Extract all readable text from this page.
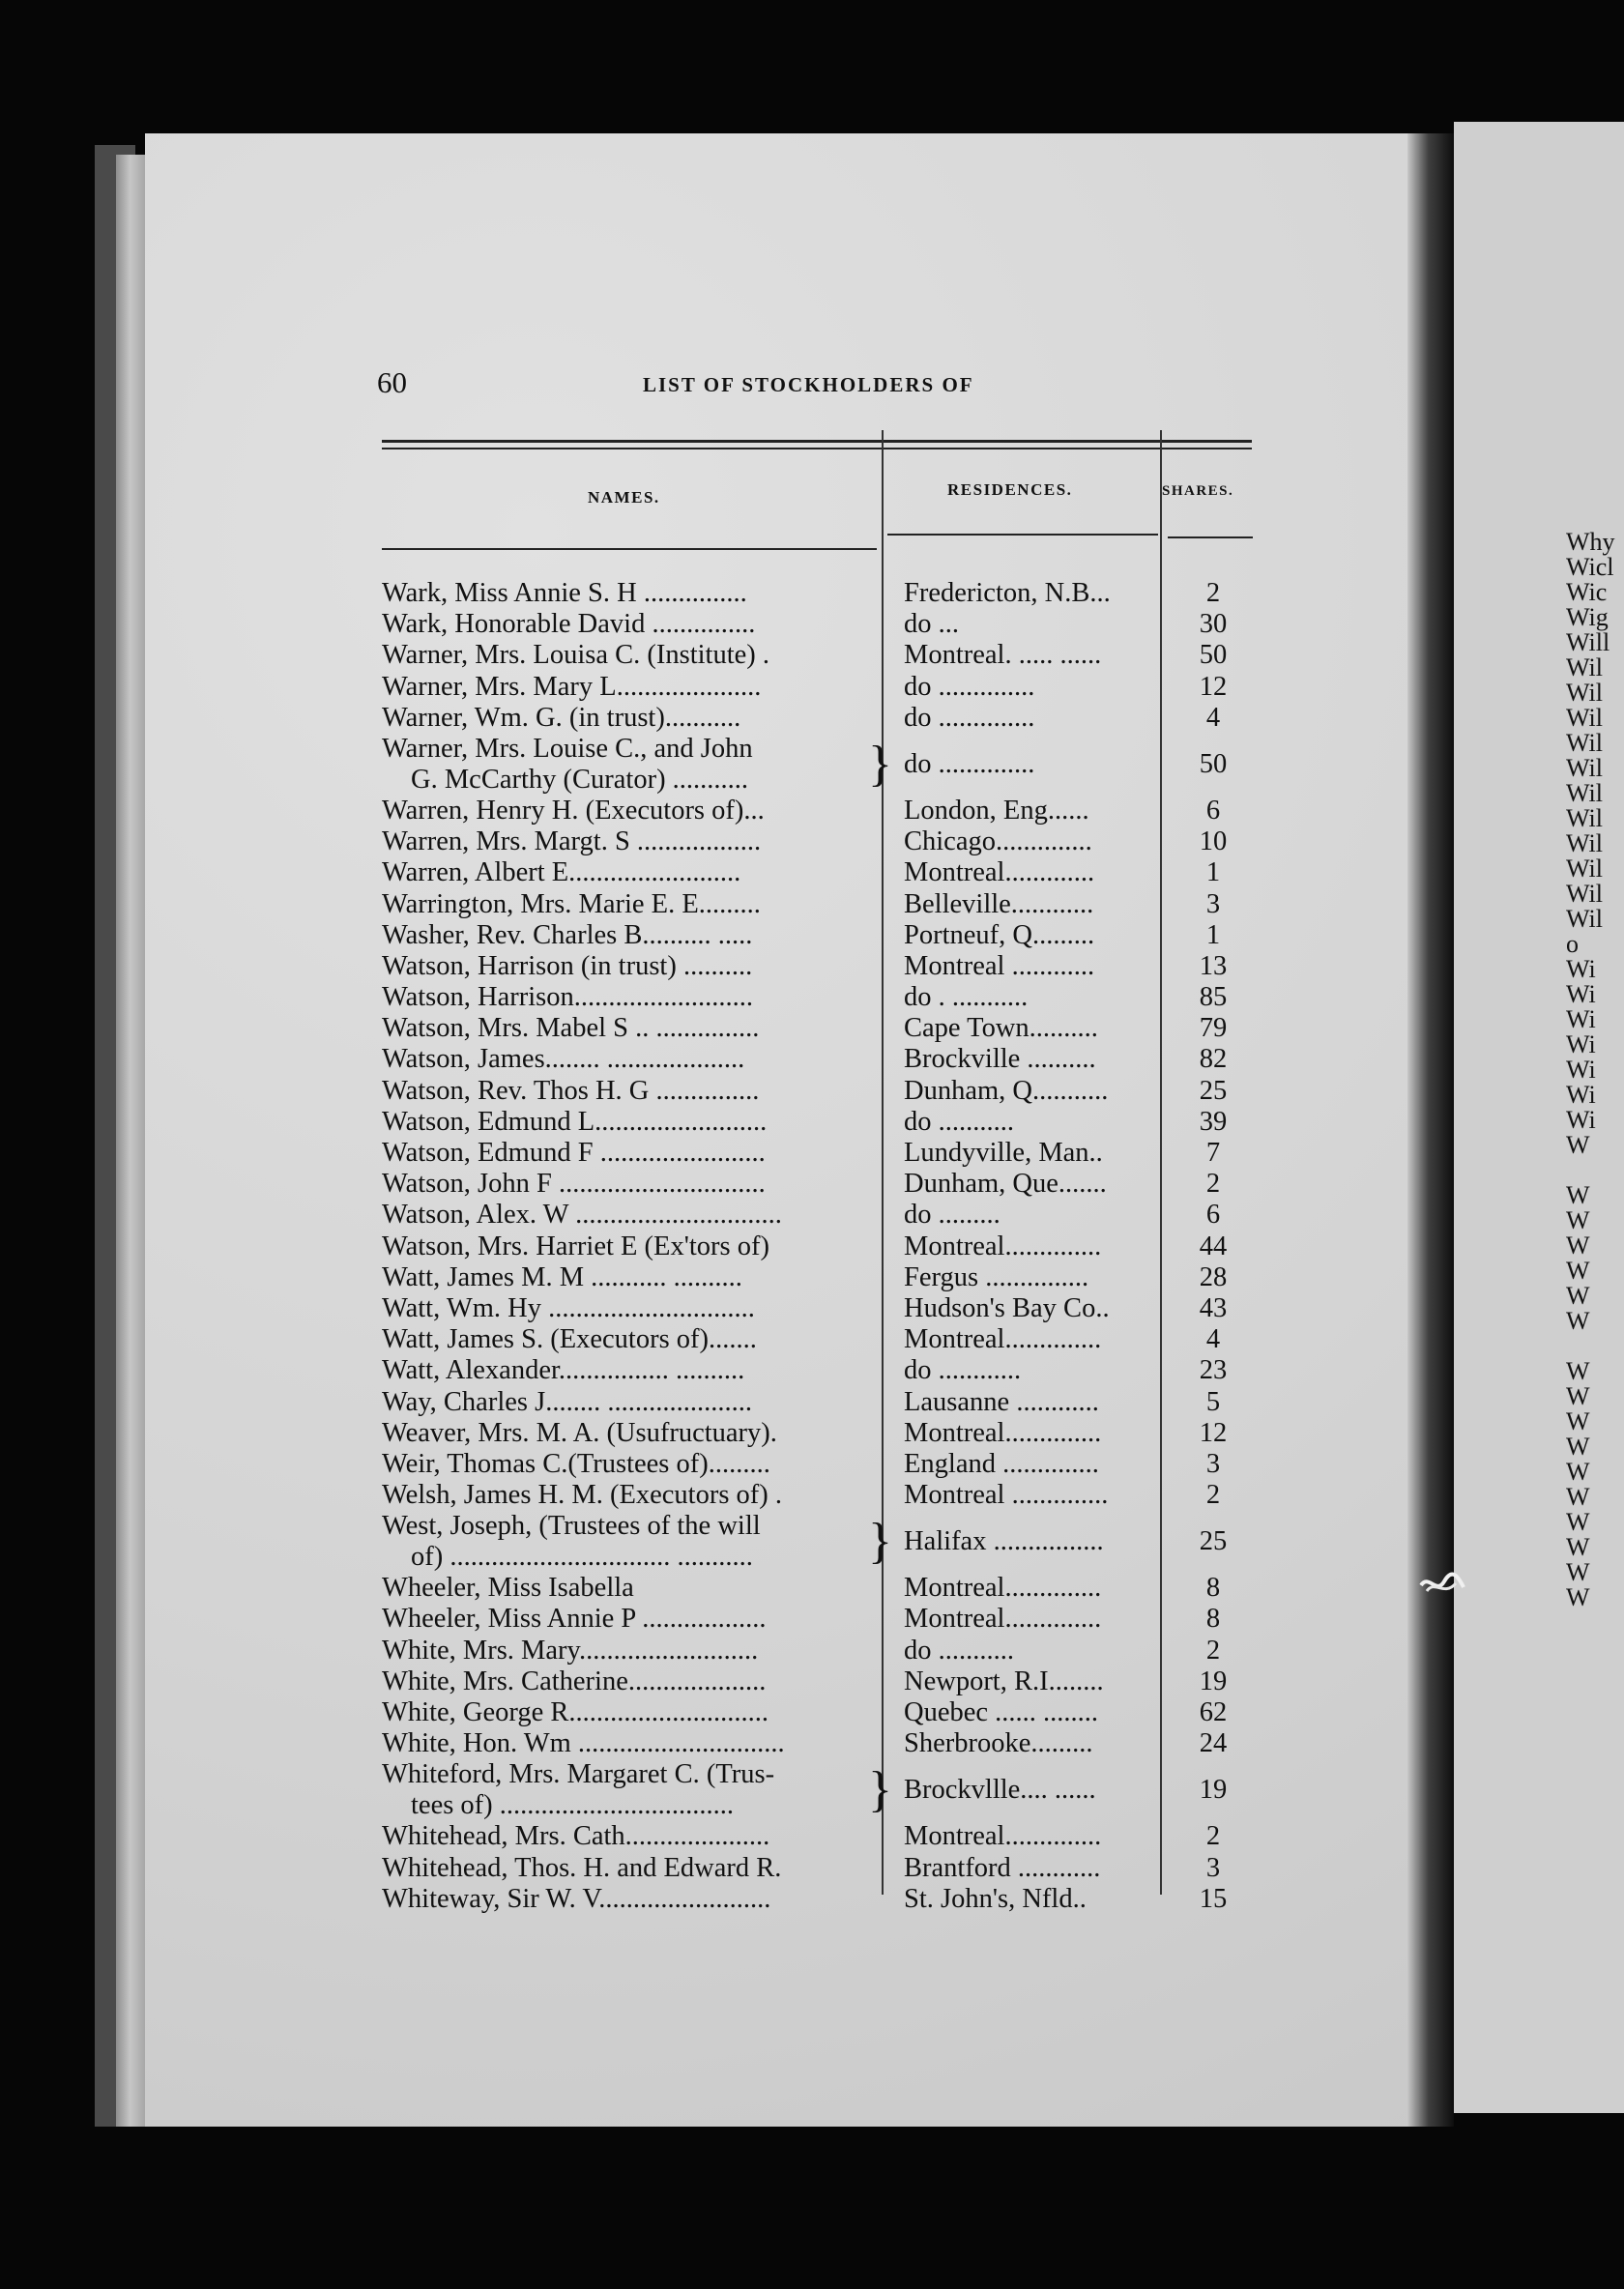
60	LIST OF STOCKHOLDERS OF
NAMES.	RESIDENCES.	SHARES.
Wark, Miss Annie S. H ...............	Fredericton, N.B...	2
Wark, Honorable David ...............	do ...	30
Warner, Mrs. Louisa C. (Institute) .	Montreal. ..... ......	50
Warner, Mrs. Mary L.....................	do ..............	12
Warner, Wm. G. (in trust)...........	do ..............	4
Warner, Mrs. Louise C., and John
G. McCarthy (Curator) ...........	} do ..............	50
Warren, Henry H. (Executors of)...	London, Eng......	6
Warren, Mrs. Margt. S ..................	Chicago..............	10
Warren, Albert E.........................	Montreal.............	1
Warrington, Mrs. Marie E. E.........	Belleville............	3
Washer, Rev. Charles B.......... .....	Portneuf, Q.........	1
Watson, Harrison (in trust) ..........	Montreal ............	13
Watson, Harrison..........................	do . ...........	85
Watson, Mrs. Mabel S .. ...............	Cape Town..........	79
Watson, James........ ....................	Brockville ..........	82
Watson, Rev. Thos H. G ...............	Dunham, Q...........	25
Watson, Edmund L.........................	do ...........	39
Watson, Edmund F ........................	Lundyville, Man..	7
Watson, John F ..............................	Dunham, Que.......	2
Watson, Alex. W ..............................	do .........	6
Watson, Mrs. Harriet E (Ex'tors of)	Montreal..............	44
Watt, James M. M ........... ..........	Fergus ...............	28
Watt, Wm. Hy ..............................	Hudson's Bay Co..	43
Watt, James S. (Executors of).......	Montreal..............	4
Watt, Alexander................ ..........	do ............	23
Way, Charles J........ .....................	Lausanne ............	5
Weaver, Mrs. M. A. (Usufructuary).	Montreal..............	12
Weir, Thomas C.(Trustees of).........	England ..............	3
Welsh, James H. M. (Executors of) .	Montreal ..............	2
West, Joseph, (Trustees of the will
of) ................................ ...........	} Halifax ................	25
Wheeler, Miss Isabella	Montreal..............	8
Wheeler, Miss Annie P ..................	Montreal..............	8
White, Mrs. Mary..........................	do ...........	2
White, Mrs. Catherine....................	Newport, R.I........	19
White, George R.............................	Quebec ...... ........	62
White, Hon. Wm ..............................	Sherbrooke.........	24
Whiteford, Mrs. Margaret C. (Trus-
tees of) ..................................	} Brockvllle.... ......	19
Whitehead, Mrs. Cath.....................	Montreal..............	2
Whitehead, Thos. H. and Edward R.	Brantford ............	3
Whiteway, Sir W. V.........................	St. John's, Nfld..	15
Why
Wicl
Wic
Wig
Will
Wil
Wil
Wil
Wil
Wil
Wil
Wil
Wil
Wil
Wil
Wil
o
Wi
Wi
Wi
Wi
Wi
Wi
Wi
W
W
W
W
W
W
W
W
W
W
W
W
W
W
W
W
W
